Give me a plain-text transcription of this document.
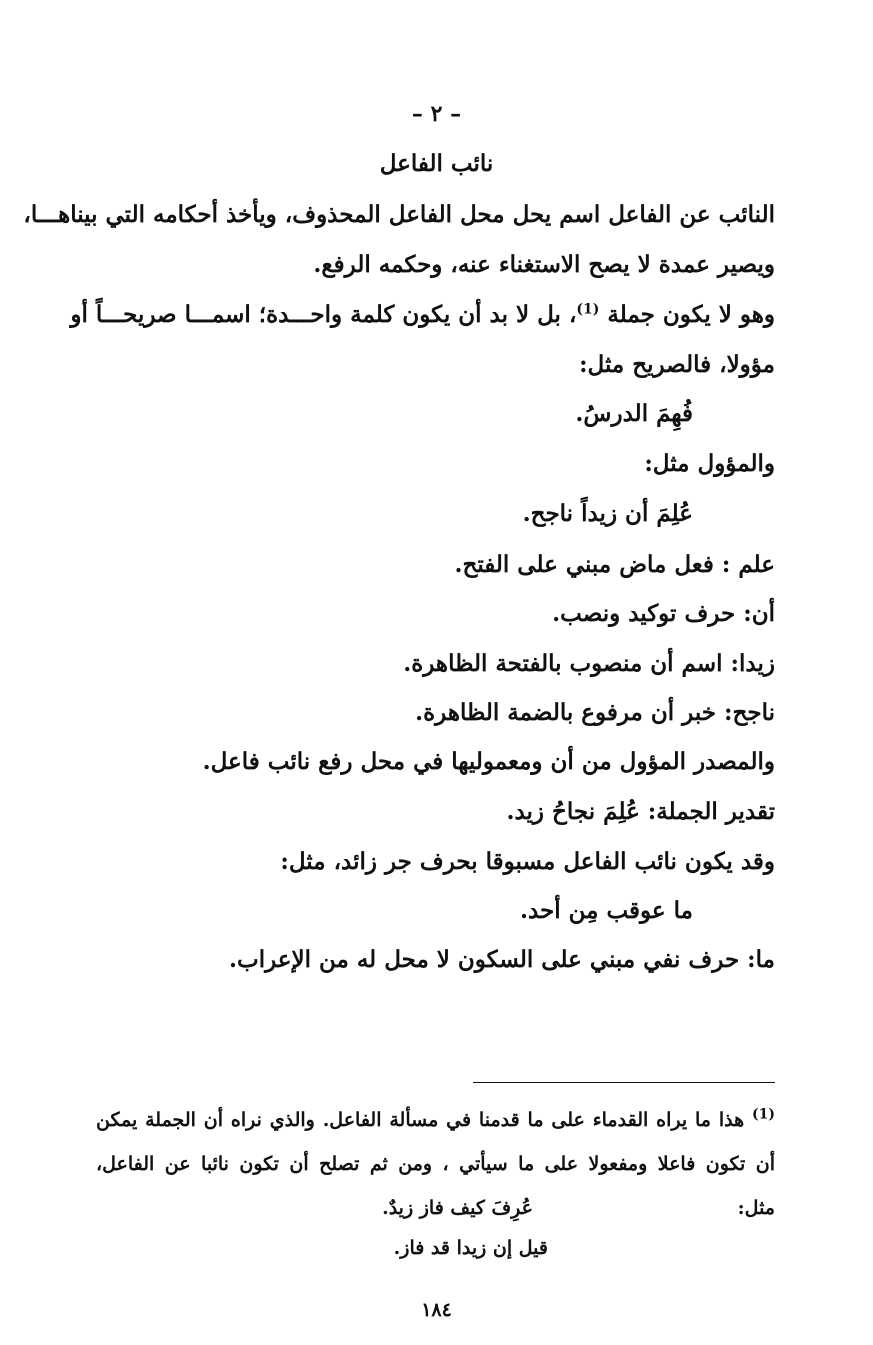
– ٢ –
نائب الفاعل
النائب عن الفاعل اسم يحل محل الفاعل المحذوف، ويأخذ أحكامه التي بيناهـــا،
ويصير عمدة لا يصح الاستغناء عنه، وحكمه الرفع.
وهو لا يكون جملة $^{(1)}$، بل لا بد أن يكون كلمة واحـــدة؛ اسمـــا صريحـــاً أو
مؤولا، فالصريح مثل:
فُهِمَ الدرسُ.
والمؤول مثل:
عُلِمَ أن زيداً ناجح.
علم : فعل ماض مبني على الفتح.
أن: حرف توكيد ونصب.
زيدا: اسم أن منصوب بالفتحة الظاهرة.
ناجح: خبر أن مرفوع بالضمة الظاهرة.
والمصدر المؤول من أن ومعموليها في محل رفع نائب فاعل.
تقدير الجملة: عُلِمَ نجاحُ زيد.
وقد يكون نائب الفاعل مسبوقا بحرف جر زائد، مثل:
ما عوقب مِن أحد.
ما: حرف نفي مبني على السكون لا محل له من الإعراب.
$^{(1)}$ هذا ما يراه القدماء على ما قدمنا في مسألة الفاعل. والذي نراه أن الجملة يمكن
أن تكون فاعلا ومفعولا على ما سيأتي ، ومن ثم تصلح أن تكون نائبا عن الفاعل،
مثل:
عُرِفَ كيف فاز زيدٌ.
قيل إن زيدا قد فاز.
١٨٤
